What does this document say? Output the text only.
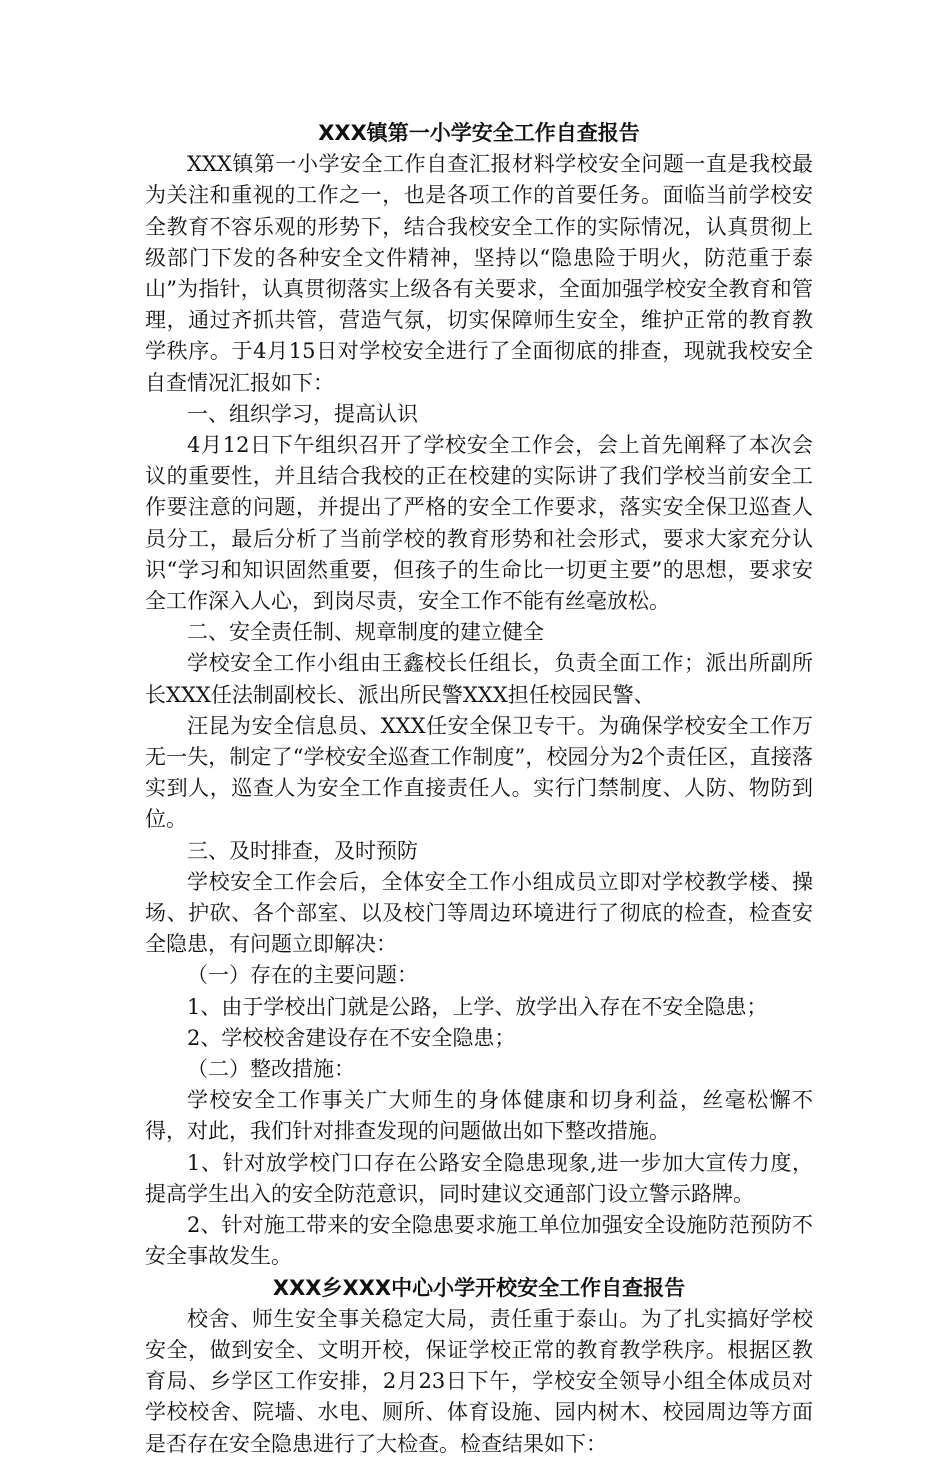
XXX镇第一小学安全工作自查报告

XXX镇第一小学安全工作自查汇报材料学校安全问题一直是我校最为关注和重视的工作之一，也是各项工作的首要任务。面临当前学校安全教育不容乐观的形势下，结合我校安全工作的实际情况，认真贯彻上级部门下发的各种安全文件精神，坚持以“隐患险于明火，防范重于泰山”为指针，认真贯彻落实上级各有关要求，全面加强学校安全教育和管理，通过齐抓共管，营造气氛，切实保障师生安全，维护正常的教育教学秩序。于4月15日对学校安全进行了全面彻底的排查，现就我校安全自查情况汇报如下：

一、组织学习，提高认识

4月12日下午组织召开了学校安全工作会，会上首先阐释了本次会议的重要性，并且结合我校的正在校建的实际讲了我们学校当前安全工作要注意的问题，并提出了严格的安全工作要求，落实安全保卫巡查人员分工，最后分析了当前学校的教育形势和社会形式，要求大家充分认识“学习和知识固然重要，但孩子的生命比一切更主要”的思想，要求安全工作深入人心，到岗尽责，安全工作不能有丝毫放松。

二、安全责任制、规章制度的建立健全

学校安全工作小组由王鑫校长任组长，负责全面工作；派出所副所长XXX任法制副校长、派出所民警XXX担任校园民警、

汪昆为安全信息员、XXX任安全保卫专干。为确保学校安全工作万无一失，制定了“学校安全巡查工作制度”，校园分为2个责任区，直接落实到人，巡查人为安全工作直接责任人。实行门禁制度、人防、物防到位。

三、及时排查，及时预防

学校安全工作会后，全体安全工作小组成员立即对学校教学楼、操场、护砍、各个部室、以及校门等周边环境进行了彻底的检查，检查安全隐患，有问题立即解决：

（一）存在的主要问题：

1、由于学校出门就是公路，上学、放学出入存在不安全隐患；

2、学校校舍建设存在不安全隐患；

（二）整改措施：

学校安全工作事关广大师生的身体健康和切身利益，丝毫松懈不得，对此，我们针对排查发现的问题做出如下整改措施。

1、针对放学校门口存在公路安全隐患现象,进一步加大宣传力度，提高学生出入的安全防范意识，同时建议交通部门设立警示路牌。

2、针对施工带来的安全隐患要求施工单位加强安全设施防范预防不安全事故发生。

XXX乡XXX中心小学开校安全工作自查报告

校舍、师生安全事关稳定大局，责任重于泰山。为了扎实搞好学校安全，做到安全、文明开校，保证学校正常的教育教学秩序。根据区教育局、乡学区工作安排，2月23日下午，学校安全领导小组全体成员对学校校舍、院墙、水电、厕所、体育设施、园内树木、校园周边等方面是否存在安全隐患进行了大检查。检查结果如下：
